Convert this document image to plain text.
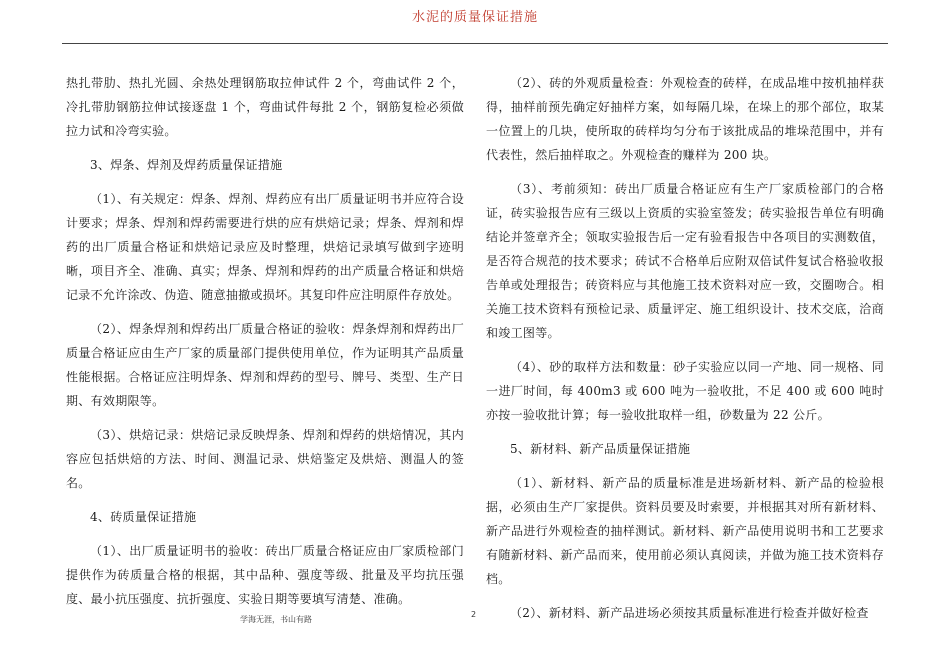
水泥的质量保证措施

热扎带肋、热扎光圆、余热处理钢筋取拉伸试件 2 个，弯曲试件 2 个，冷扎带肋钢筋拉伸试接逐盘 1 个，弯曲试件每批 2 个，钢筋复检必须做拉力试和冷弯实验。

3、焊条、焊剂及焊药质量保证措施

（1）、有关规定：焊条、焊剂、焊药应有出厂质量证明书并应符合设计要求；焊条、焊剂和焊药需要进行烘的应有烘焙记录；焊条、焊剂和焊药的出厂质量合格证和烘焙记录应及时整理，烘焙记录填写做到字迹明晰，项目齐全、准确、真实；焊条、焊剂和焊药的出产质量合格证和烘焙记录不允许涂改、伪造、随意抽撤或损坏。其复印件应注明原件存放处。

（2）、焊条焊剂和焊药出厂质量合格证的验收：焊条焊剂和焊药出厂质量合格证应由生产厂家的质量部门提供使用单位，作为证明其产品质量性能根据。合格证应注明焊条、焊剂和焊药的型号、牌号、类型、生产日期、有效期限等。

（3）、烘焙记录：烘焙记录反映焊条、焊剂和焊药的烘焙情况，其内容应包括烘焙的方法、时间、测温记录、烘焙鉴定及烘焙、测温人的签名。

4、砖质量保证措施

（1）、出厂质量证明书的验收：砖出厂质量合格证应由厂家质检部门提供作为砖质量合格的根据，其中品种、强度等级、批量及平均抗压强度、最小抗压强度、抗折强度、实验日期等要填写清楚、准确。

（2）、砖的外观质量检查：外观检查的砖样，在成品堆中按机抽样获得，抽样前预先确定好抽样方案，如每隔几垛，在垛上的那个部位，取某一位置上的几块，使所取的砖样均匀分布于该批成品的堆垛范围中，并有代表性，然后抽样取之。外观检查的赚样为 200 块。

（3）、考前须知：砖出厂质量合格证应有生产厂家质检部门的合格证，砖实验报告应有三级以上资质的实验室签发；砖实验报告单位有明确结论并签章齐全；领取实验报告后一定有验看报告中各项目的实测数值，是否符合规范的技术要求；砖试不合格单后应附双倍试件复试合格验收报告单或处理报告；砖资料应与其他施工技术资料对应一致，交圈吻合。相关施工技术资料有预检记录、质量评定、施工组织设计、技术交底，洽商和竣工图等。

（4）、砂的取样方法和数量：砂子实验应以同一产地、同一规格、同一进厂时间，每 400m3 或 600 吨为一验收批，不足 400 或 600 吨时亦按一验收批计算；每一验收批取样一组，砂数量为 22 公斤。

5、新材料、新产品质量保证措施

（1）、新材料、新产品的质量标准是进场新材料、新产品的检验根据，必须由生产厂家提供。资料员要及时索要，并根据其对所有新材料、新产品进行外观检查的抽样测试。新材料、新产品使用说明书和工艺要求有随新材料、新产品而来，使用前必须认真阅读，并做为施工技术资料存档。

（2）、新材料、新产品进场必须按其质量标准进行检查并做好检查

学海无涯，书山有路
2
